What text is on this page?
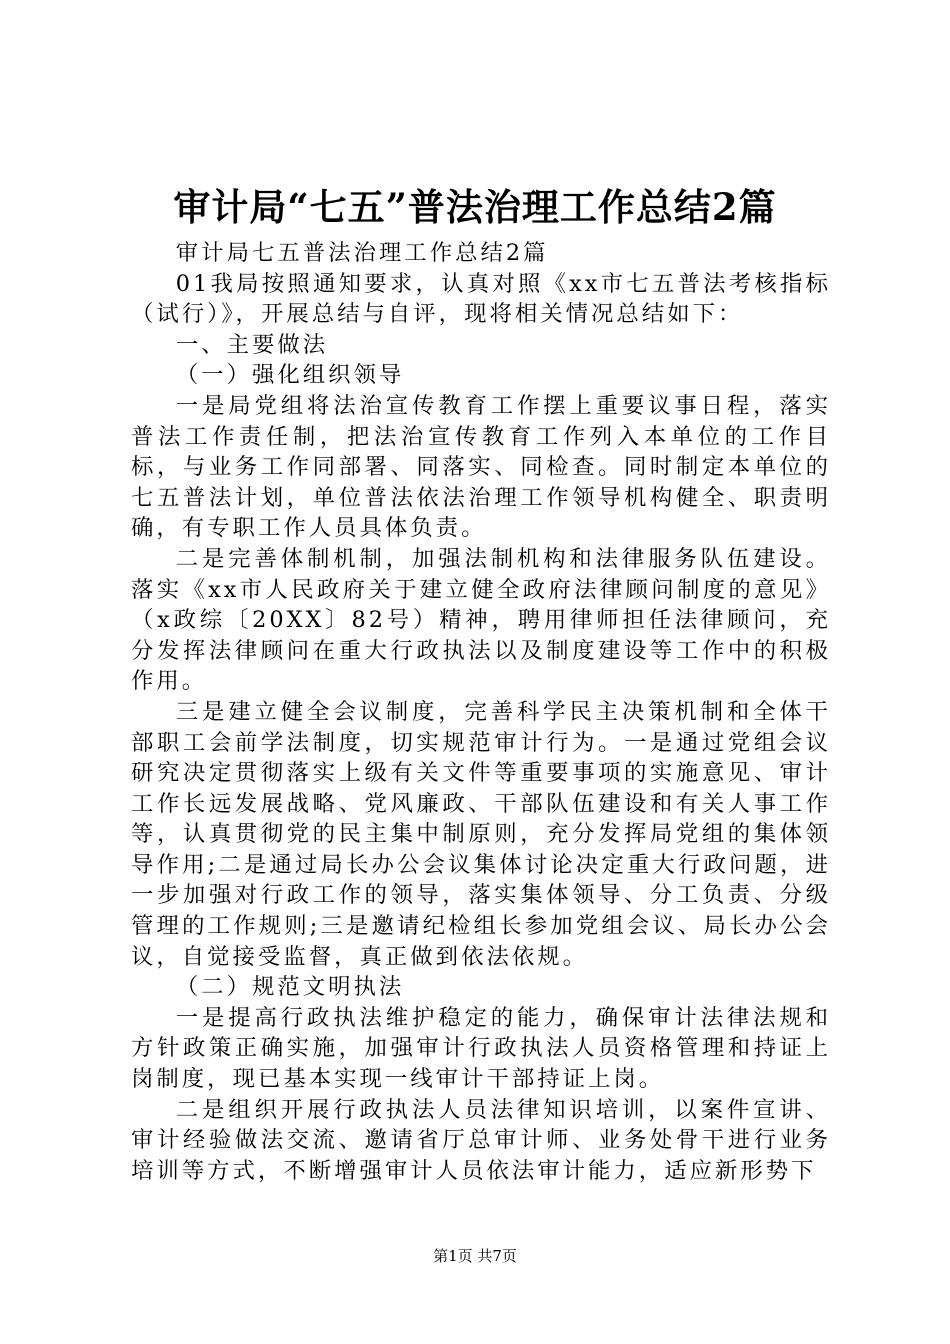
审计局“七五”普法治理工作总结2篇

审计局七五普法治理工作总结2篇

01我局按照通知要求，认真对照《xx市七五普法考核指标（试行）》，开展总结与自评，现将相关情况总结如下：

一、主要做法

（一）强化组织领导

一是局党组将法治宣传教育工作摆上重要议事日程，落实普法工作责任制，把法治宣传教育工作列入本单位的工作目标，与业务工作同部署、同落实、同检查。同时制定本单位的七五普法计划，单位普法依法治理工作领导机构健全、职责明确，有专职工作人员具体负责。

二是完善体制机制，加强法制机构和法律服务队伍建设。落实《xx市人民政府关于建立健全政府法律顾问制度的意见》（x政综〔20XX〕82号）精神，聘用律师担任法律顾问，充分发挥法律顾问在重大行政执法以及制度建设等工作中的积极作用。

三是建立健全会议制度，完善科学民主决策机制和全体干部职工会前学法制度，切实规范审计行为。一是通过党组会议研究决定贯彻落实上级有关文件等重要事项的实施意见、审计工作长远发展战略、党风廉政、干部队伍建设和有关人事工作等，认真贯彻党的民主集中制原则，充分发挥局党组的集体领导作用;二是通过局长办公会议集体讨论决定重大行政问题，进一步加强对行政工作的领导，落实集体领导、分工负责、分级管理的工作规则;三是邀请纪检组长参加党组会议、局长办公会议，自觉接受监督，真正做到依法依规。

（二）规范文明执法

一是提高行政执法维护稳定的能力，确保审计法律法规和方针政策正确实施，加强审计行政执法人员资格管理和持证上岗制度，现已基本实现一线审计干部持证上岗。

二是组织开展行政执法人员法律知识培训，以案件宣讲、审计经验做法交流、邀请省厅总审计师、业务处骨干进行业务培训等方式，不断增强审计人员依法审计能力，适应新形势下

第1页 共7页
